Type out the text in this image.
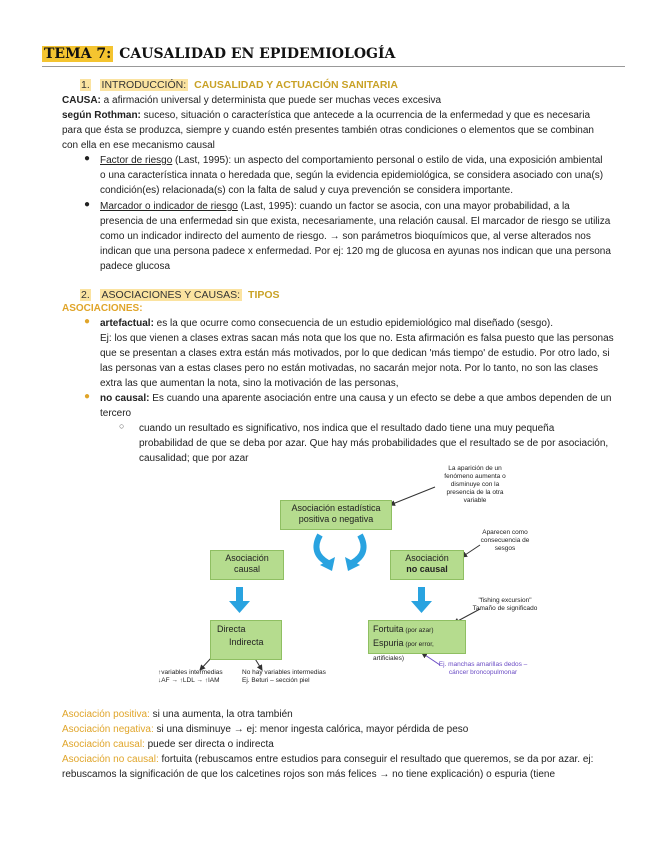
TEMA 7: CAUSALIDAD EN EPIDEMIOLOGÍA
1. INTRODUCCIÓN: CAUSALIDAD Y ACTUACIÓN SANITARIA
CAUSA: a afirmación universal y determinista que puede ser muchas veces excesiva
según Rothman: suceso, situación o característica que antecede a la ocurrencia de la enfermedad y que es necesaria
para que ésta se produzca, siempre y cuando estén presentes también otras condiciones o elementos que se combinan
con ella en ese mecanismo causal
● Factor de riesgo (Last, 1995): un aspecto del comportamiento personal o estilo de vida, una exposición ambiental
o una característica innata o heredada que, según la evidencia epidemiológica, se considera asociado con una(s)
condición(es) relacionada(s) con la falta de salud y cuya prevención se considera importante.
● Marcador o indicador de riesgo (Last, 1995): cuando un factor se asocia, con una mayor probabilidad, a la
presencia de una enfermedad sin que exista, necesariamente, una relación causal. El marcador de riesgo se utiliza
como un indicador indirecto del aumento de riesgo. → son parámetros bioquímicos que, al verse alterados nos
indican que una persona padece x enfermedad. Por ej: 120 mg de glucosa en ayunas nos indican que una persona
padece glucosa
2. ASOCIACIONES Y CAUSAS: TIPOS
ASOCIACIONES:
● artefactual: es la que ocurre como consecuencia de un estudio epidemiológico mal diseñado (sesgo).
Ej: los que vienen a clases extras sacan más nota que los que no. Esta afirmación es falsa puesto que las personas
que se presentan a clases extra están más motivados, por lo que dedican 'más tiempo' de estudio. Por otro lado, si
las personas van a estas clases pero no están motivadas, no sacarán mejor nota. Por lo tanto, no son las clases
extra las que aumentan la nota, sino la motivación de las personas,
● no causal: Es cuando una aparente asociación entre una causa y un efecto se debe a que ambos dependen de un
tercero
○ cuando un resultado es significativo, nos indica que el resultado dado tiene una muy pequeña
probabilidad de que se deba por azar. Que hay más probabilidades que el resultado se de por asociación,
causalidad; que por azar
Asociación estadística
positiva o negativa
Asociación
causal
Asociación
no causal
Directa
Indirecta
Fortuita (por azar)
Espuria (por error, artificiales)
La aparición de un
fenómeno aumenta o
disminuye con la
presencia de la otra
variable
Aparecen como
consecuencia de
sesgos
"fishing excursion"
Tamaño de significado
Ej. manchas amarillas dedos –
cáncer broncopulmonar
↑variables intermedias
↓AF → ↑LDL → ↑IAM
No hay variables intermedias
Ej. Beturi – sección piel
Asociación positiva: si una aumenta, la otra también
Asociación negativa: si una disminuye → ej: menor ingesta calórica, mayor pérdida de peso
Asociación causal: puede ser directa o indirecta
Asociación no causal: fortuita (rebuscamos entre estudios para conseguir el resultado que queremos, se da por azar. ej:
rebuscamos la significación de que los calcetines rojos son más felices → no tiene explicación) o espuria (tiene
